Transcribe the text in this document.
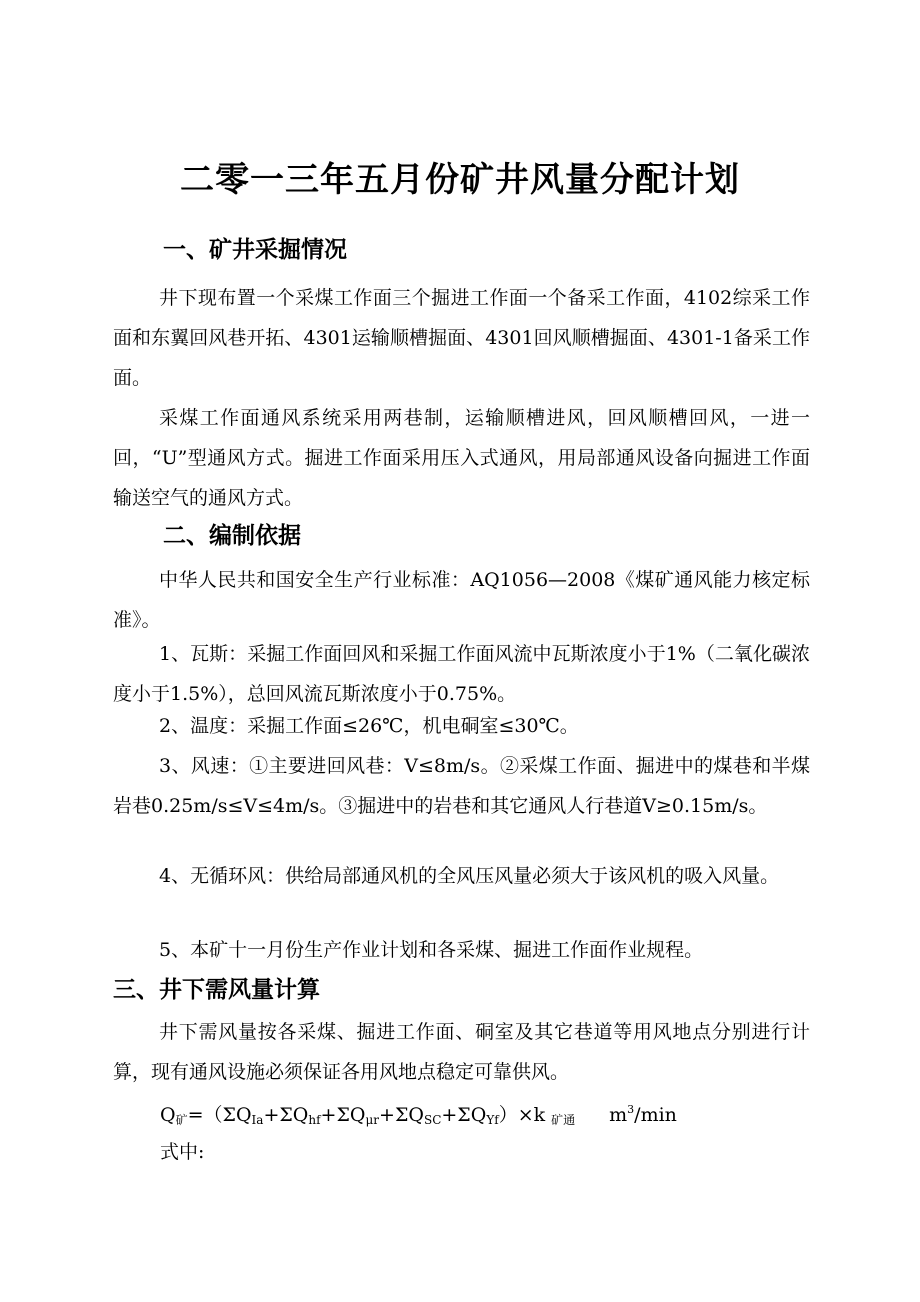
二零一三年五月份矿井风量分配计划
一、矿井采掘情况

井下现布置一个采煤工作面三个掘进工作面一个备采工作面，4102综采工作面和东翼回风巷开拓、4301运输顺槽掘面、4301回风顺槽掘面、4301-1备采工作面。

采煤工作面通风系统采用两巷制，运输顺槽进风，回风顺槽回风，一进一回，“U”型通风方式。掘进工作面采用压入式通风，用局部通风设备向掘进工作面输送空气的通风方式。

二、编制依据

中华人民共和国安全生产行业标准：AQ1056—2008《煤矿通风能力核定标准》。

1、瓦斯：采掘工作面回风和采掘工作面风流中瓦斯浓度小于1%（二氧化碳浓度小于1.5%），总回风流瓦斯浓度小于0.75%。

2、温度：采掘工作面≤26℃，机电硐室≤30℃。

3、风速：①主要进回风巷：V≤8m/s。②采煤工作面、掘进中的煤巷和半煤岩巷0.25m/s≤V≤4m/s。③掘进中的岩巷和其它通风人行巷道V≥0.15m/s。

4、无循环风：供给局部通风机的全风压风量必须大于该风机的吸入风量。

5、本矿十一月份生产作业计划和各采煤、掘进工作面作业规程。

三、井下需风量计算

井下需风量按各采煤、掘进工作面、硐室及其它巷道等用风地点分别进行计算，现有通风设施必须保证各用风地点稳定可靠供风。

$Q_矿=(\Sigma Q_{Ia}+\Sigma Q_{hf}+\Sigma Q_{\mu r}+\Sigma Q_{SC}+\Sigma Q_{Yf})\times k$ $_{矿通}$ $m^3/\min$
式中:
